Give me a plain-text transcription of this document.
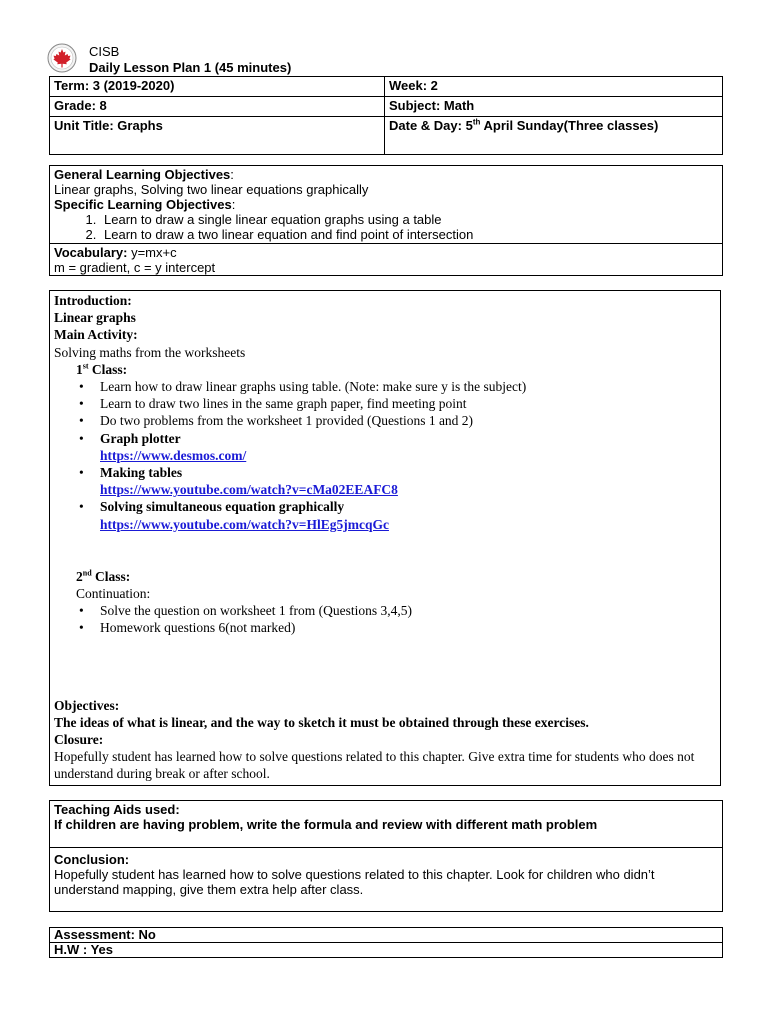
CISB
Daily Lesson Plan 1 (45 minutes)
Term: 3 (2019-2020)	Week: 2
Grade: 8	Subject: Math
Unit Title: Graphs	Date & Day: 5th April Sunday(Three classes)
General Learning Objectives:
Linear graphs, Solving two linear equations graphically
Specific Learning Objectives:
1. Learn to draw a single linear equation graphs using a table
2. Learn to draw a two linear equation and find point of intersection
Vocabulary: y=mx+c
m = gradient, c = y intercept
Introduction:
Linear graphs
Main Activity:
Solving maths from the worksheets
1st Class:
• Learn how to draw linear graphs using table. (Note: make sure y is the subject)
• Learn to draw two lines in the same graph paper, find meeting point
• Do two problems from the worksheet 1 provided (Questions 1 and 2)
• Graph plotter
https://www.desmos.com/
• Making tables
https://www.youtube.com/watch?v=cMa02EEAFC8
• Solving simultaneous equation graphically
https://www.youtube.com/watch?v=HlEg5jmcqGc
2nd Class:
Continuation:
• Solve the question on worksheet 1 from (Questions 3,4,5)
• Homework questions 6(not marked)
Objectives:
The ideas of what is linear, and the way to sketch it must be obtained through these exercises.
Closure:
Hopefully student has learned how to solve questions related to this chapter. Give extra time for students who does not understand during break or after school.
Teaching Aids used:
If children are having problem, write the formula and review with different math problem
Conclusion:
Hopefully student has learned how to solve questions related to this chapter. Look for children who didn’t understand mapping, give them extra help after class.
Assessment: No
H.W : Yes
